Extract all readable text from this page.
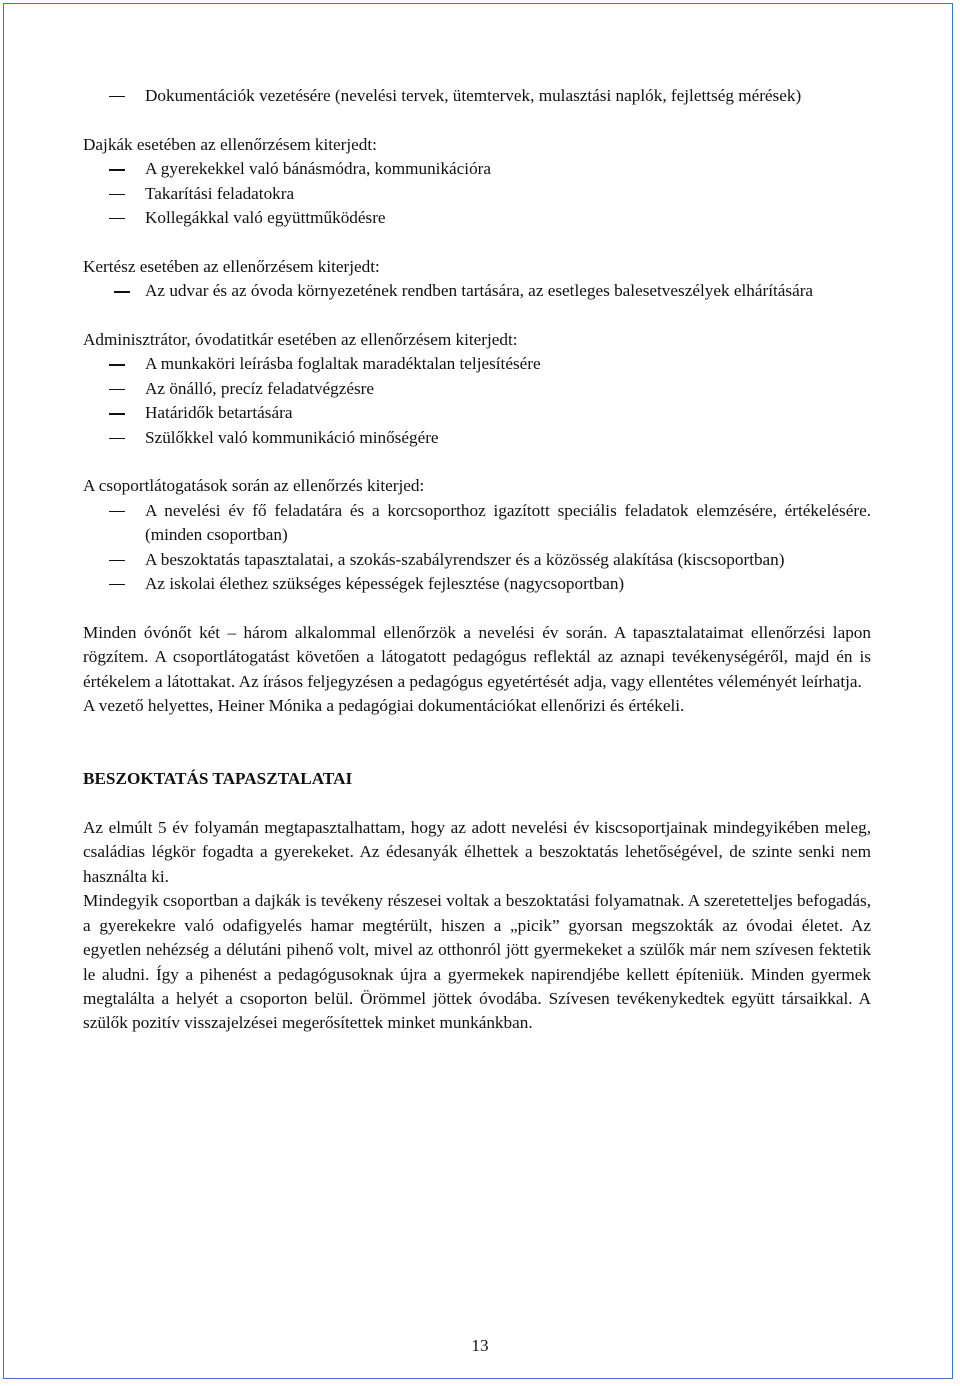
Dokumentációk vezetésére (nevelési tervek, ütemtervek, mulasztási naplók, fejlettség mérések)

Dajkák esetében az ellenőrzésem kiterjedt:

A gyerekekkel való bánásmódra, kommunikációra

Takarítási feladatokra

Kollegákkal való együttműködésre

Kertész esetében az ellenőrzésem kiterjedt:

Az udvar és az óvoda környezetének rendben tartására, az esetleges balesetveszélyek elhárítására

Adminisztrátor, óvodatitkár esetében az ellenőrzésem kiterjedt:

A munkaköri leírásba foglaltak maradéktalan teljesítésére

Az önálló, precíz feladatvégzésre

Határidők betartására

Szülőkkel való kommunikáció minőségére

A csoportlátogatások során az ellenőrzés kiterjed:

A nevelési év fő feladatára és a korcsoporthoz igazított speciális feladatok elemzésére, értékelésére. (minden csoportban)

A beszoktatás tapasztalatai, a szokás-szabályrendszer és a közösség alakítása (kiscsoportban)

Az iskolai élethez szükséges képességek fejlesztése (nagycsoportban)

Minden óvónőt két – három alkalommal ellenőrzök a nevelési év során. A tapasztalataimat ellenőrzési lapon rögzítem. A csoportlátogatást követően a látogatott pedagógus reflektál az aznapi tevékenységéről, majd én is értékelem a látottakat. Az írásos feljegyzésen a pedagógus egyetértését adja, vagy ellentétes véleményét leírhatja.

A vezető helyettes, Heiner Mónika a pedagógiai dokumentációkat ellenőrizi és értékeli.

BESZOKTATÁS TAPASZTALATAI

Az elmúlt 5 év folyamán megtapasztalhattam, hogy az adott nevelési év kiscsoportjainak mindegyikében meleg, családias légkör fogadta a gyerekeket. Az édesanyák élhettek a beszoktatás lehetőségével, de szinte senki nem használta ki.

Mindegyik csoportban a dajkák is tevékeny részesei voltak a beszoktatási folyamatnak. A szeretetteljes befogadás, a gyerekekre való odafigyelés hamar megtérült, hiszen a „picik” gyorsan megszokták az óvodai életet. Az egyetlen nehézség a délutáni pihenő volt, mivel az otthonról jött gyermekeket a szülők már nem szívesen fektetik le aludni. Így a pihenést a pedagógusoknak újra a gyermekek napirendjébe kellett építeniük. Minden gyermek megtalálta a helyét a csoporton belül. Örömmel jöttek óvodába. Szívesen tevékenykedtek együtt társaikkal. A szülők pozitív visszajelzései megerősítettek minket munkánkban.

13
